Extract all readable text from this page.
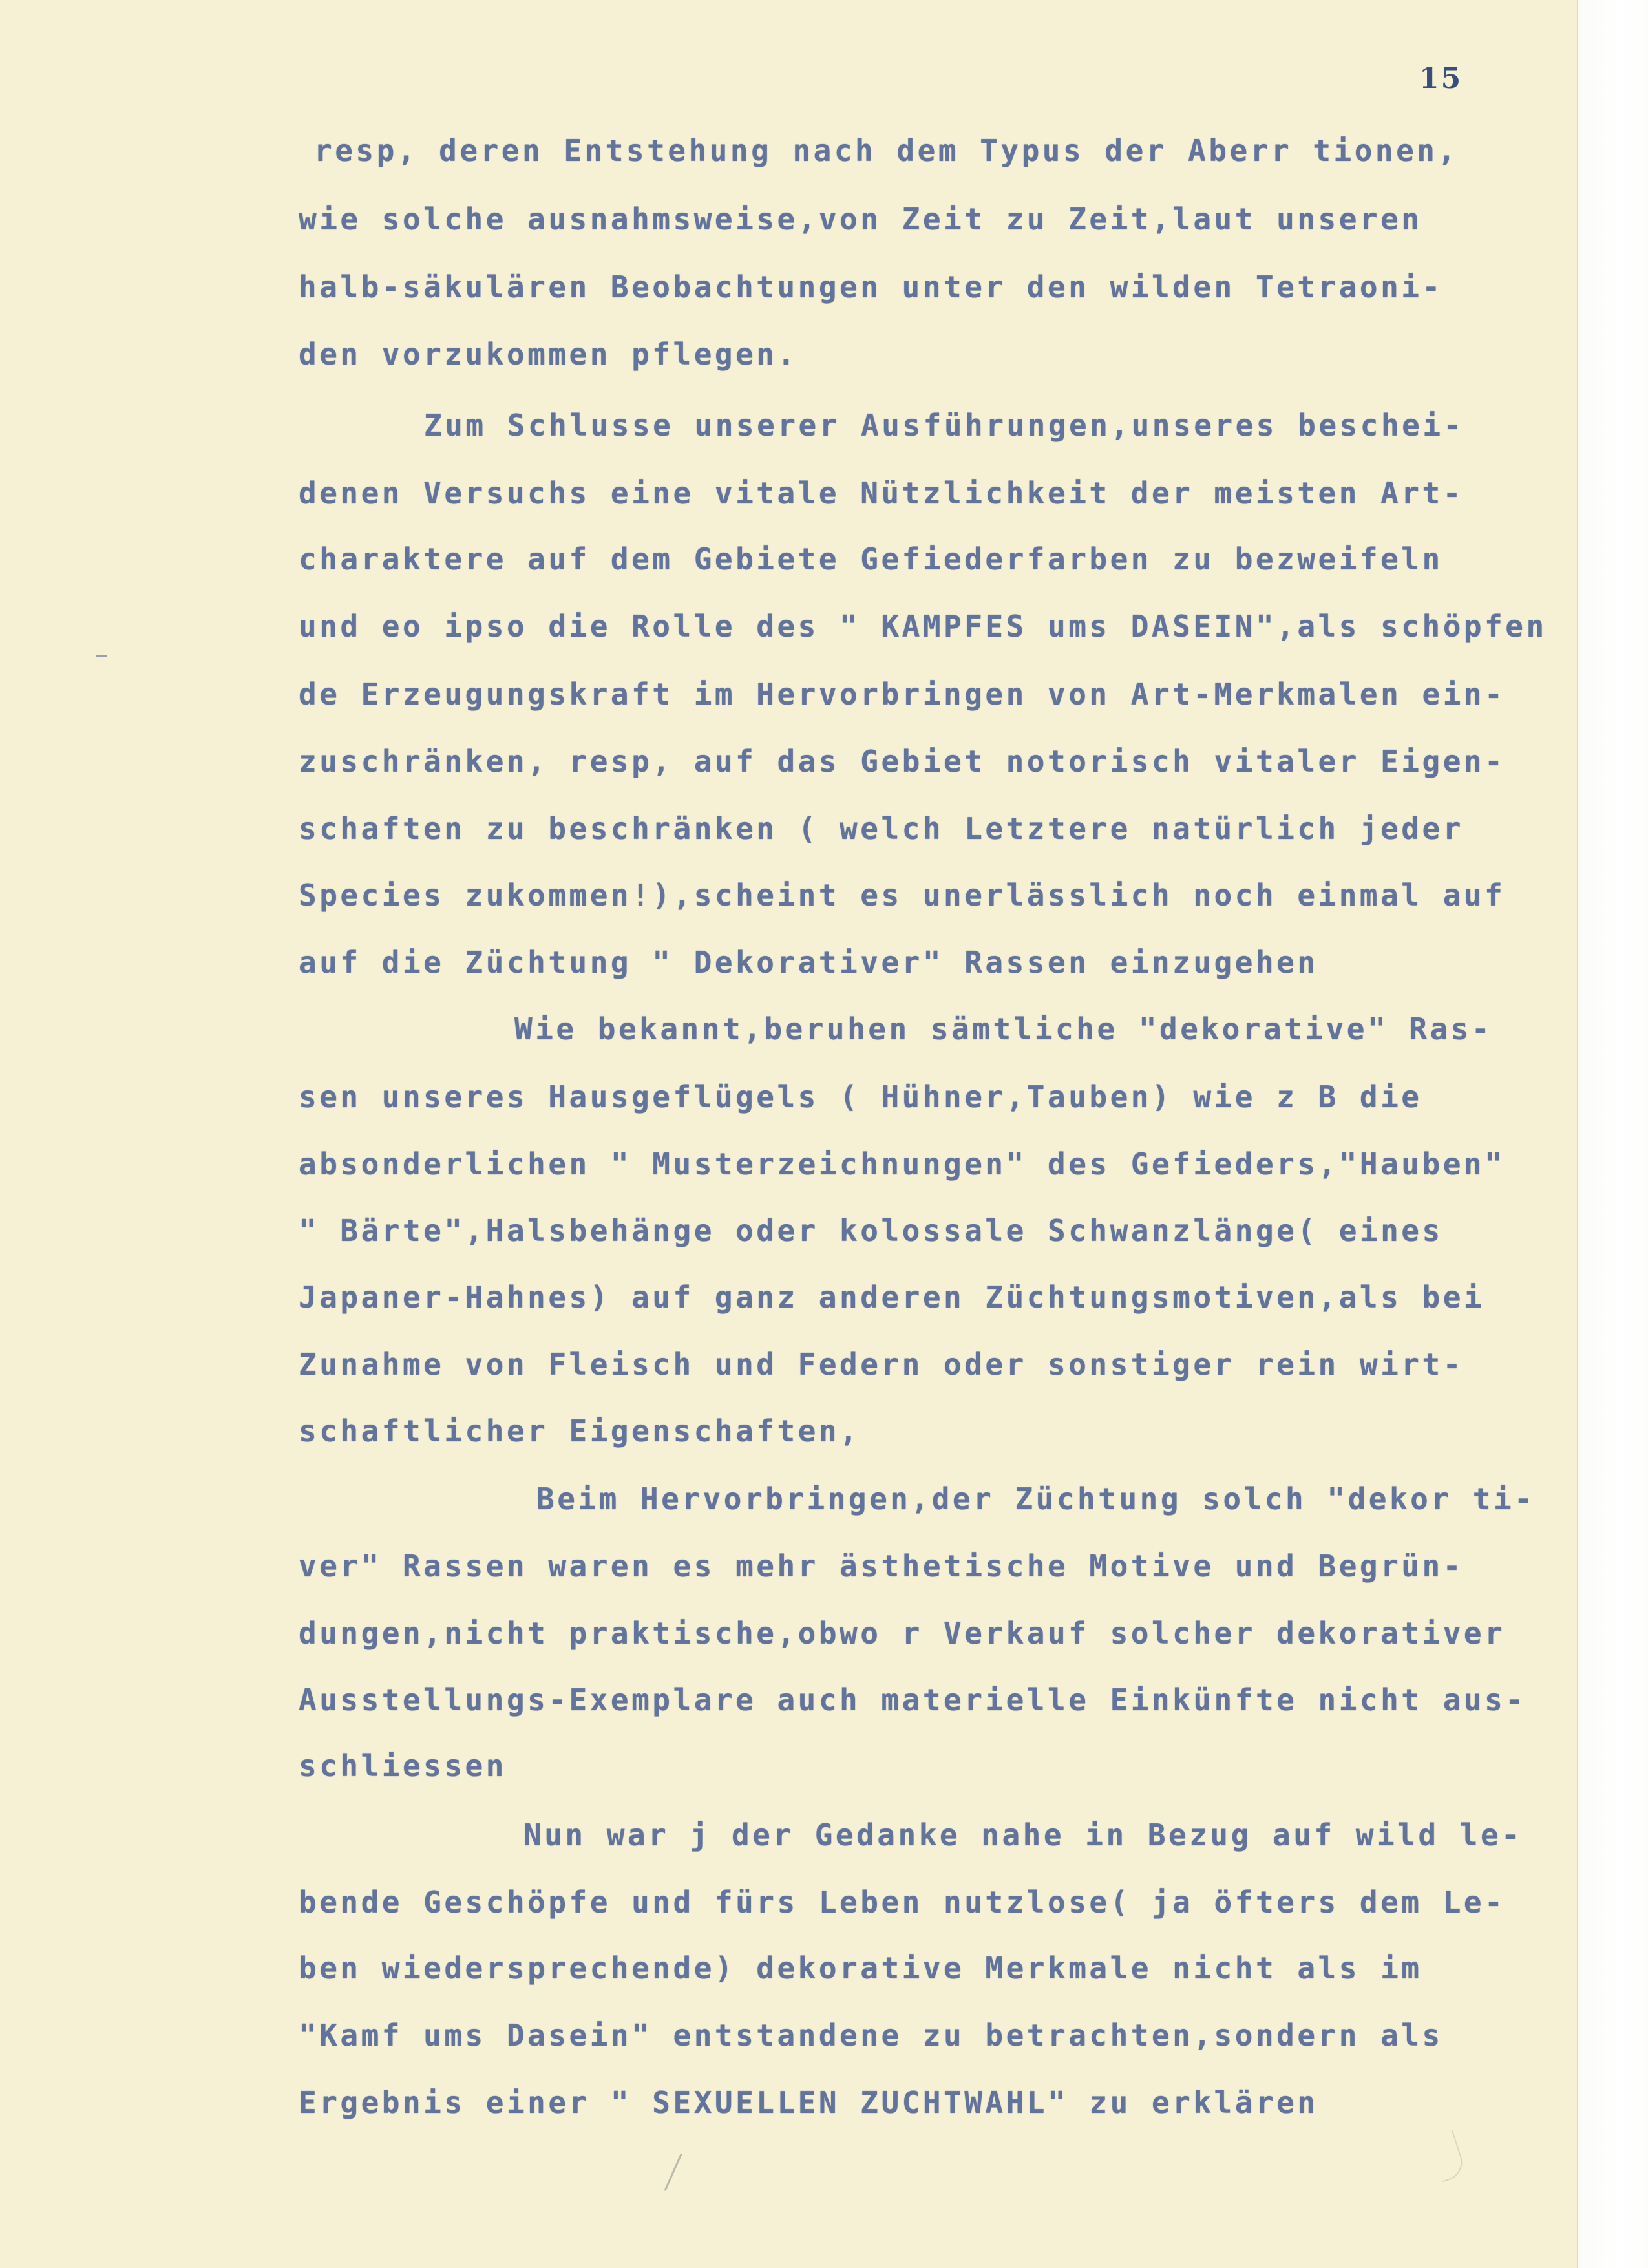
15

resp, deren Entstehung nach dem Typus der Aberr tionen,

wie solche ausnahmsweise,von Zeit zu Zeit,laut unseren

halb-säkulären Beobachtungen unter den wilden Tetraoni-

den vorzukommen pflegen.

Zum Schlusse unserer Ausführungen,unseres beschei-

denen Versuchs eine vitale Nützlichkeit der meisten Art-

charaktere auf dem Gebiete Gefiederfarben zu bezweifeln

und eo ipso die Rolle des " KAMPFES ums DASEIN",als schöpfen

de Erzeugungskraft im Hervorbringen von Art-Merkmalen ein-

zuschränken, resp, auf das Gebiet notorisch vitaler Eigen-

schaften zu beschränken ( welch Letztere natürlich jeder

Species zukommen!),scheint es unerlässlich noch einmal auf

auf die Züchtung " Dekorativer" Rassen einzugehen

Wie bekannt,beruhen sämtliche "dekorative" Ras-

sen unseres Hausgeflügels ( Hühner,Tauben) wie z B die

absonderlichen " Musterzeichnungen" des Gefieders,"Hauben"

" Bärte",Halsbehänge oder kolossale Schwanzlänge( eines

Japaner-Hahnes) auf ganz anderen Züchtungsmotiven,als bei

Zunahme von Fleisch und Federn oder sonstiger rein wirt-

schaftlicher Eigenschaften,

Beim Hervorbringen,der Züchtung solch "dekor ti-

ver" Rassen waren es mehr ästhetische Motive und Begrün-

dungen,nicht praktische,obwo r Verkauf solcher dekorativer

Ausstellungs-Exemplare auch materielle Einkünfte nicht aus-

schliessen

Nun war j der Gedanke nahe in Bezug auf wild le-

bende Geschöpfe und fürs Leben nutzlose( ja öfters dem Le-

ben wiedersprechende) dekorative Merkmale nicht als im

"Kamf ums Dasein" entstandene zu betrachten,sondern als

Ergebnis einer " SEXUELLEN ZUCHTWAHL" zu erklären
